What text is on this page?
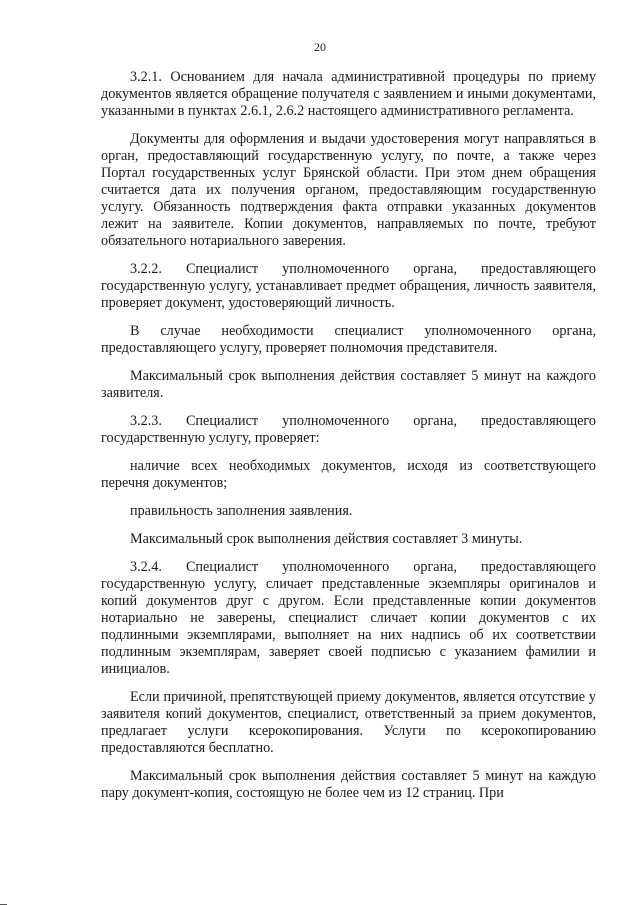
20

3.2.1. Основанием для начала административной процедуры по приему документов является обращение получателя с заявлением и иными документами, указанными в пунктах 2.6.1, 2.6.2 настоящего административного регламента.

Документы для оформления и выдачи удостоверения могут направляться в орган, предоставляющий государственную услугу, по почте, а также через Портал государственных услуг Брянской области. При этом днем обращения считается дата их получения органом, предоставляющим государственную услугу. Обязанность подтверждения факта отправки указанных документов лежит на заявителе. Копии документов, направляемых по почте, требуют обязательного нотариального заверения.

3.2.2. Специалист уполномоченного органа, предоставляющего государственную услугу, устанавливает предмет обращения, личность заявителя, проверяет документ, удостоверяющий личность.

В случае необходимости специалист уполномоченного органа, предоставляющего услугу, проверяет полномочия представителя.

Максимальный срок выполнения действия составляет 5 минут на каждого заявителя.

3.2.3. Специалист уполномоченного органа, предоставляющего государственную услугу, проверяет:

наличие всех необходимых документов, исходя из соответствующего перечня документов;

правильность заполнения заявления.

Максимальный срок выполнения действия составляет 3 минуты.

3.2.4. Специалист уполномоченного органа, предоставляющего государственную услугу, сличает представленные экземпляры оригиналов и копий документов друг с другом. Если представленные копии документов нотариально не заверены, специалист сличает копии документов с их подлинными экземплярами, выполняет на них надпись об их соответствии подлинным экземплярам, заверяет своей подписью с указанием фамилии и инициалов.

Если причиной, препятствующей приему документов, является отсутствие у заявителя копий документов, специалист, ответственный за прием документов, предлагает услуги ксерокопирования. Услуги по ксерокопированию предоставляются бесплатно.

Максимальный срок выполнения действия составляет 5 минут на каждую пару документ-копия, состоящую не более чем из 12 страниц. При
